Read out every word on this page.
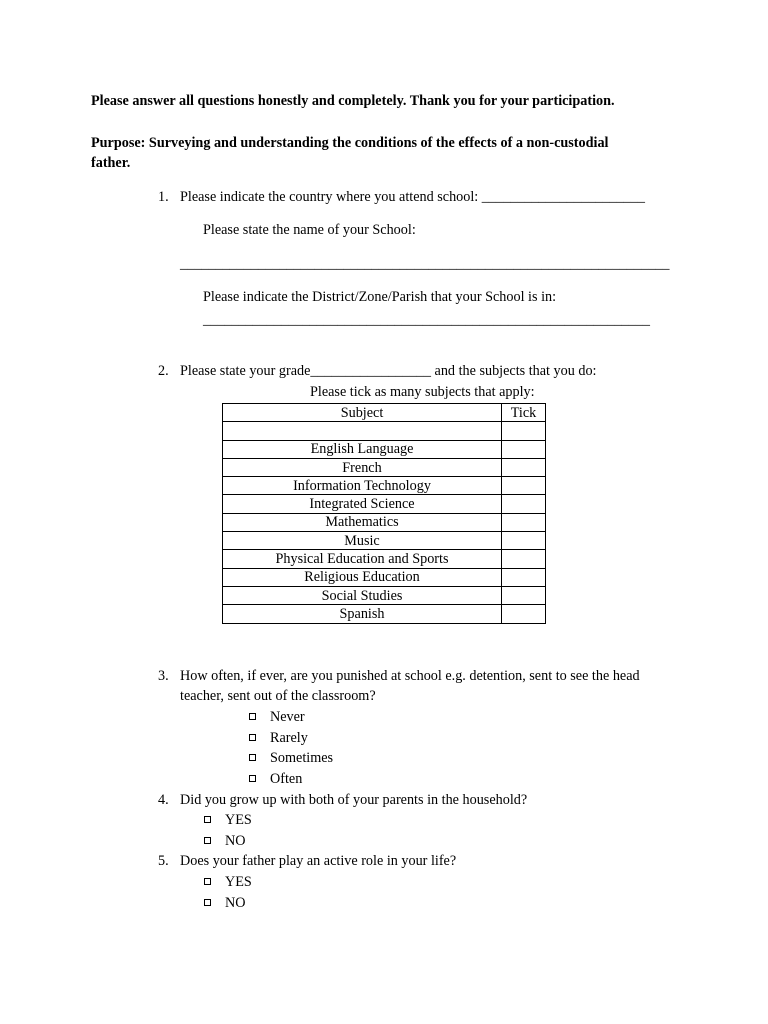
Please answer all questions honestly and completely. Thank you for your participation.
Purpose: Surveying and understanding the conditions of the effects of a non-custodial
father.
1. Please indicate the country where you attend school: _______________________
Please state the name of your School:
_____________________________________________________________________
Please indicate the District/Zone/Parish that your School is in:
_______________________________________________________________
2. Please state your grade_________________ and the subjects that you do:
Please tick as many subjects that apply:
Subject	Tick

English Language	
French	
Information Technology	
Integrated Science	
Mathematics	
Music	
Physical Education and Sports	
Religious Education	
Social Studies	
Spanish	
3. How often, if ever, are you punished at school e.g. detention, sent to see the head
teacher, sent out of the classroom?
Never
Rarely
Sometimes
Often
4. Did you grow up with both of your parents in the household?
YES
NO
5. Does your father play an active role in your life?
YES
NO
